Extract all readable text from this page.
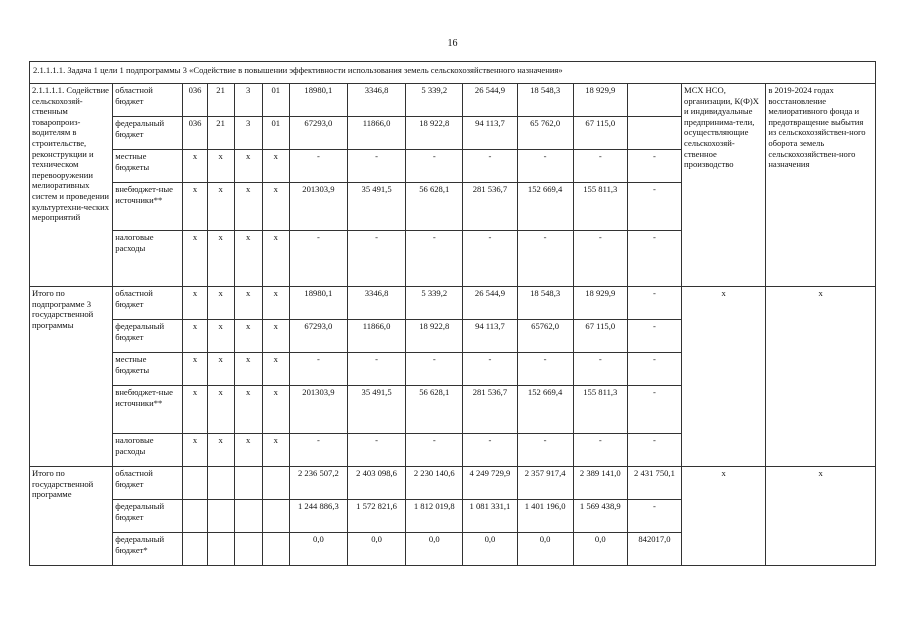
16
2.1.1.1.1. Задача 1 цели 1 подпрограммы 3 «Содействие в повышении эффективности использования земель сельскохозяйственного назначения»														
2.1.1.1.1. Содействие сельскохозяй-ственным товаропроиз-водителям в строительстве, реконструкции и техническом перевооружении мелиоративных систем и проведении культуртехни-ческих мероприятий	областной бюджет	036	21	3	01	18980,1	3346,8	5 339,2	26 544,9	18 548,3	18 929,9		МСХ НСО, организации, К(Ф)Х и индивидуальные предпринима-тели, осуществляющие сельскохозяй-ственное производство	в 2019-2024 годах восстановление мелиоративного фонда и предотвращение выбытия из сельскохозяйствен-ного оборота земель сельскохозяйствен-ного назначения
	федеральный бюджет	036	21	3	01	67293,0	11866,0	18 922,8	94 113,7	65 762,0	67 115,0			
	местные бюджеты	x	x	x	x	-	-	-	-	-	-	-		
	внебюджет-ные источники**	x	x	x	x	201303,9	35 491,5	56 628,1	281 536,7	152 669,4	155 811,3	-		
	налоговые расходы	x	x	x	x	-	-	-	-	-	-	-		
Итого по подпрограмме 3 государственной программы	областной бюджет	x	x	x	x	18980,1	3346,8	5 339,2	26 544,9	18 548,3	18 929,9	-	x	x
	федеральный бюджет	x	x	x	x	67293,0	11866,0	18 922,8	94 113,7	65762,0	67 115,0	-		
	местные бюджеты	x	x	x	x	-	-	-	-	-	-	-		
	внебюджет-ные источники**	x	x	x	x	201303,9	35 491,5	56 628,1	281 536,7	152 669,4	155 811,3	-		
	налоговые расходы	x	x	x	x	-	-	-	-	-	-	-		
Итого по государственной программе	областной бюджет					2 236 507,2	2 403 098,6	2 230 140,6	4 249 729,9	2 357 917,4	2 389 141,0	2 431 750,1	x	x
	федеральный бюджет					1 244 886,3	1 572 821,6	1 812 019,8	1 081 331,1	1 401 196,0	1 569 438,9	-		
	федеральный бюджет*					0,0	0,0	0,0	0,0	0,0	0,0	842017,0		
